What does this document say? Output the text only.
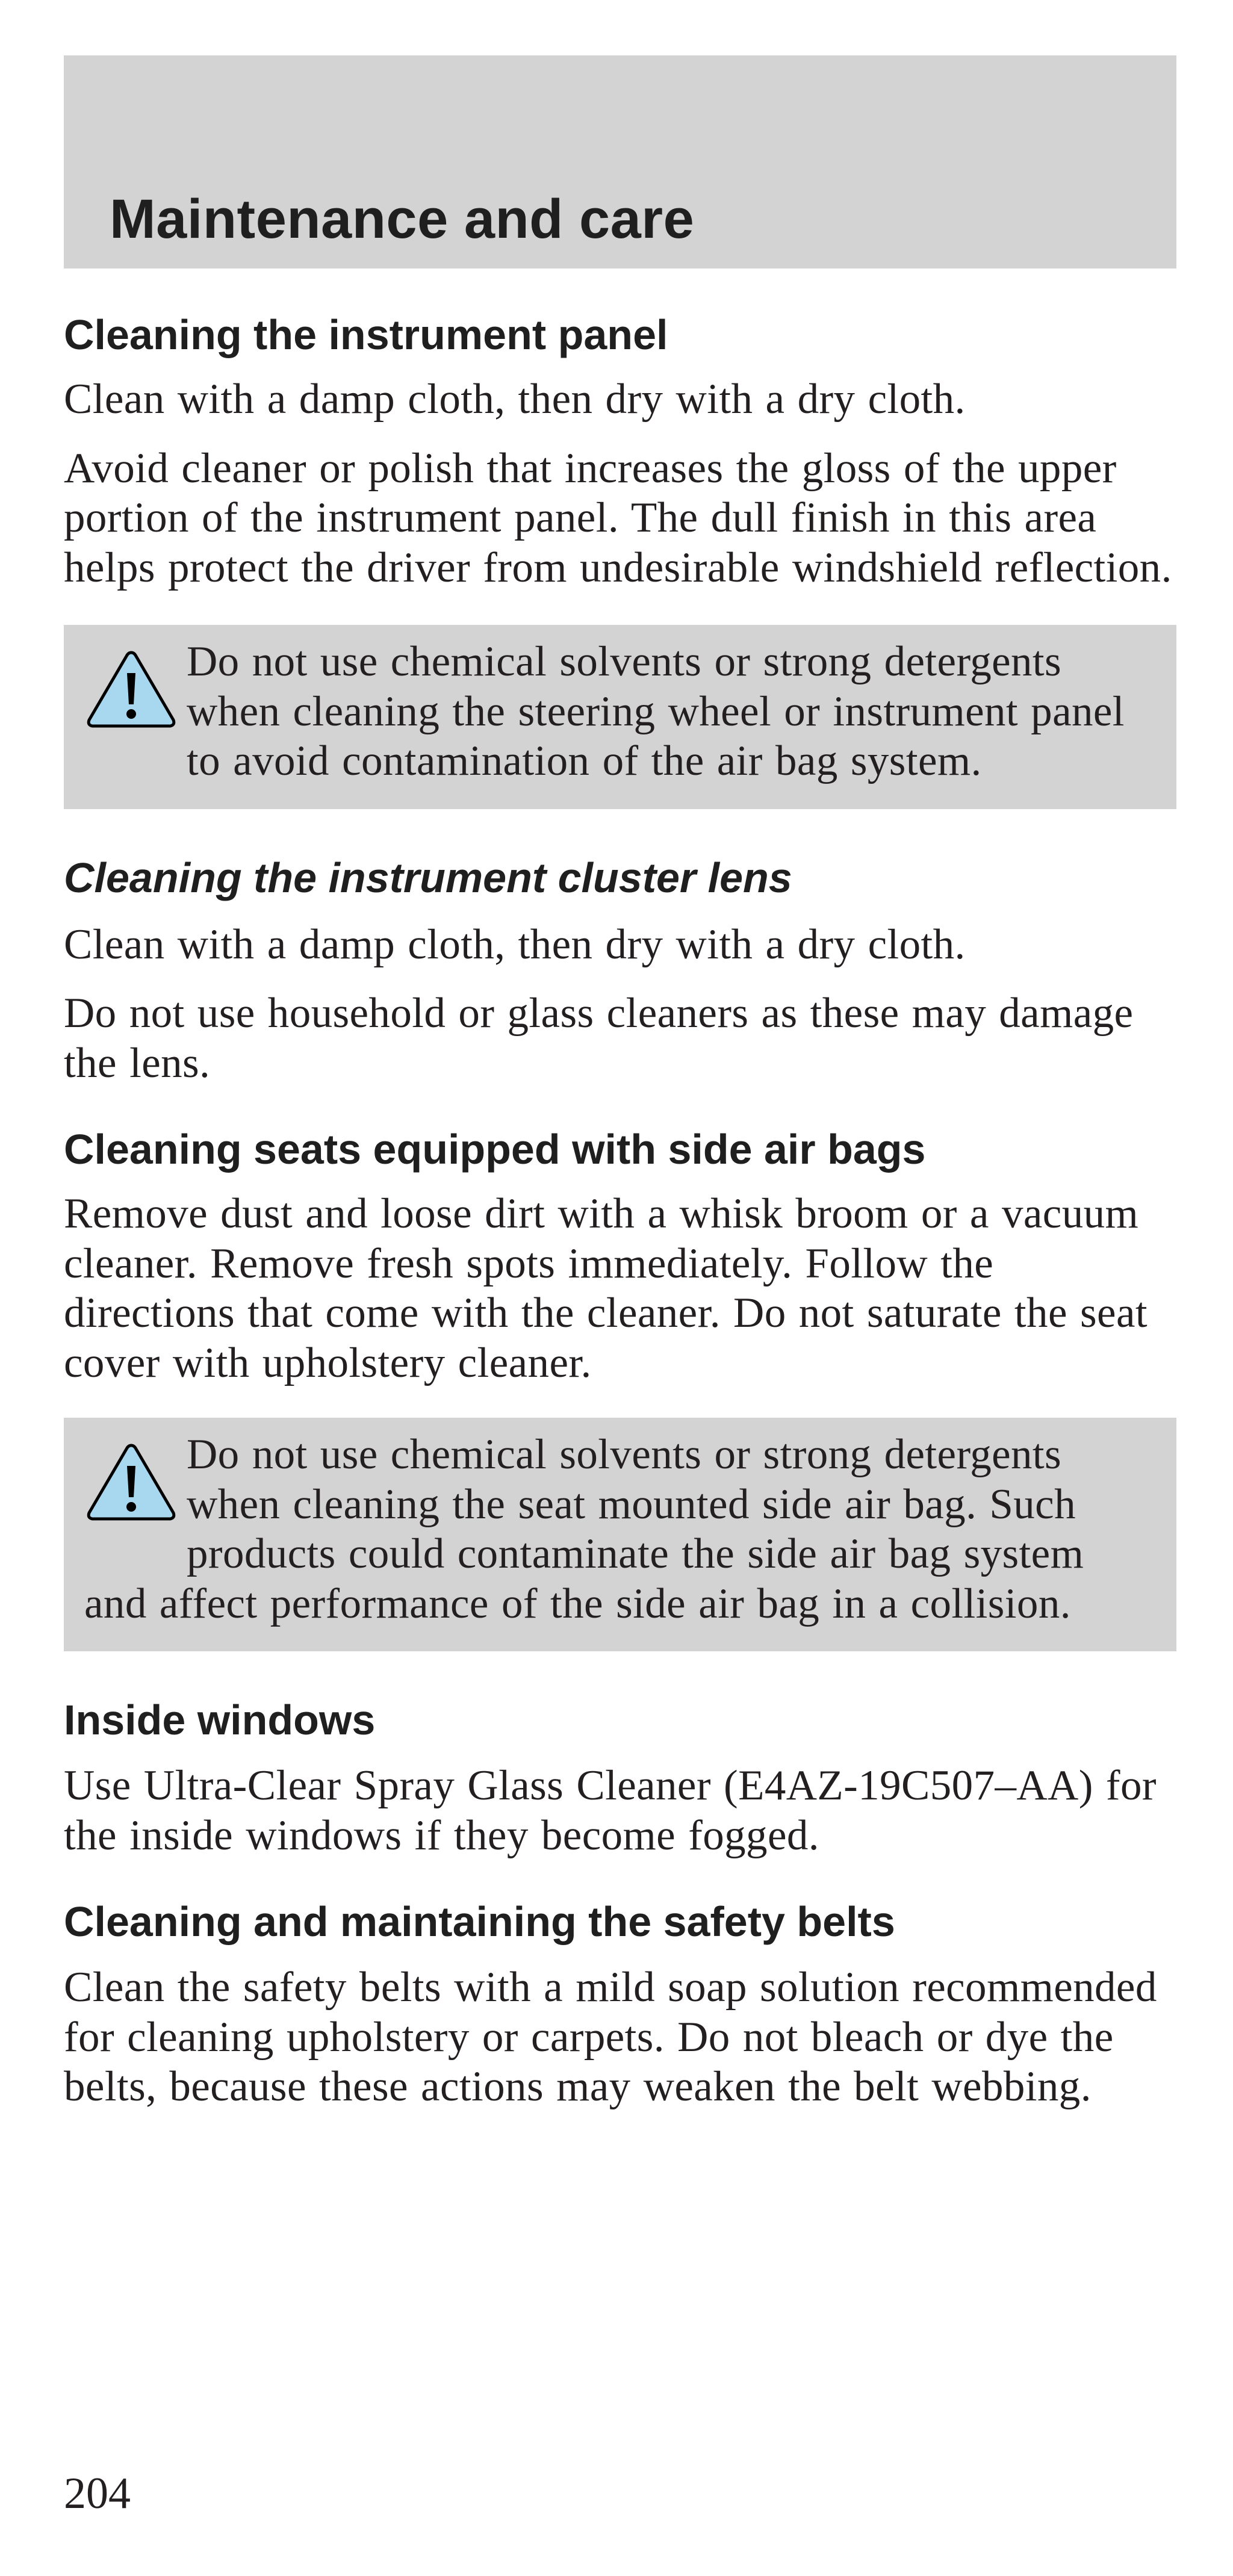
Maintenance and care
Cleaning the instrument panel

Clean with a damp cloth, then dry with a dry cloth.

Avoid cleaner or polish that increases the gloss of the upper portion of the instrument panel. The dull finish in this area helps protect the driver from undesirable windshield reflection.

Do not use chemical solvents or strong detergents when cleaning the steering wheel or instrument panel to avoid contamination of the air bag system.

Cleaning the instrument cluster lens

Clean with a damp cloth, then dry with a dry cloth.

Do not use household or glass cleaners as these may damage the lens.

Cleaning seats equipped with side air bags

Remove dust and loose dirt with a whisk broom or a vacuum cleaner. Remove fresh spots immediately. Follow the directions that come with the cleaner. Do not saturate the seat cover with upholstery cleaner.

Do not use chemical solvents or strong detergents when cleaning the seat mounted side air bag. Such products could contaminate the side air bag system and affect performance of the side air bag in a collision.

Inside windows

Use Ultra-Clear Spray Glass Cleaner (E4AZ-19C507–AA) for the inside windows if they become fogged.

Cleaning and maintaining the safety belts

Clean the safety belts with a mild soap solution recommended for cleaning upholstery or carpets. Do not bleach or dye the belts, because these actions may weaken the belt webbing.

204
